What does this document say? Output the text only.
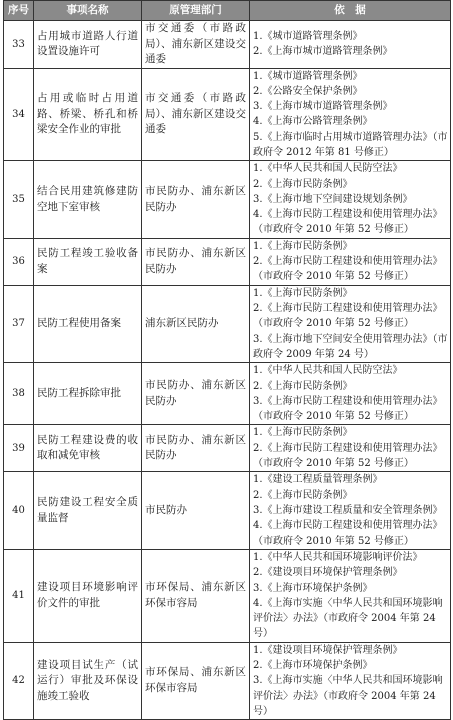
序号	事项名称	原管理部门	依　据
33	占用城市道路人行道设置设施许可	市交通委（市路政局）、浦东新区建设交通委	1.《城市道路管理条例》
2.《上海市城市道路管理条例》

34	占用或临时占用道路、桥梁、桥孔和桥梁安全作业的审批	市交通委（市路政局）、浦东新区建设交通委	1.《城市道路管理条例》
2.《公路安全保护条例》
3.《上海市城市道路管理条例》
4.《上海市公路管理条例》
5.《上海市临时占用城市道路管理办法》（市政府令 2012 年第 81 号修正）

35	结合民用建筑修建防空地下室审核	市民防办、浦东新区民防办	1.《中华人民共和国人民防空法》
2.《上海市民防条例》
3.《上海市地下空间建设规划条例》
4.《上海市民防工程建设和使用管理办法》（市政府令 2010 年第 52 号修正）

36	民防工程竣工验收备案	市民防办、浦东新区民防办	1.《上海市民防条例》
2.《上海市民防工程建设和使用管理办法》（市政府令 2010 年第 52 号修正）

37	民防工程使用备案	浦东新区民防办	1.《上海市民防条例》
2.《上海市民防工程建设和使用管理办法》（市政府令 2010 年第 52 号修正）
3.《上海市地下空间安全使用管理办法》（市政府令 2009 年第 24 号）

38	民防工程拆除审批	市民防办、浦东新区民防办	1.《中华人民共和国人民防空法》
2.《上海市民防条例》
3.《上海市民防工程建设和使用管理办法》（市政府令 2010 年第 52 号修正）

39	民防工程建设费的收取和减免审核	市民防办、浦东新区民防办	1.《上海市民防条例》
2.《上海市民防工程建设和使用管理办法》（市政府令 2010 年第 52 号修正）

40	民防建设工程安全质量监督	市民防办	1.《建设工程质量管理条例》
2.《上海市民防条例》
3.《上海市建设工程质量和安全管理条例》
4.《上海市民防工程建设和使用管理办法》（市政府令 2010 年第 52 号修正）

41	建设项目环境影响评价文件的审批	市环保局、浦东新区环保市容局	1.《中华人民共和国环境影响评价法》
2.《建设项目环境保护管理条例》
3.《上海市环境保护条例》
4.《上海市实施〈中华人民共和国环境影响评价法〉办法》（市政府令 2004 年第 24 号）

42	建设项目试生产（试运行）审批及环保设施竣工验收	市环保局、浦东新区环保市容局	1.《建设项目环境保护管理条例》
2.《上海市环境保护条例》
3.《上海市实施〈中华人民共和国环境影响评价法〉办法》（市政府令 2004 年第 24 号）
